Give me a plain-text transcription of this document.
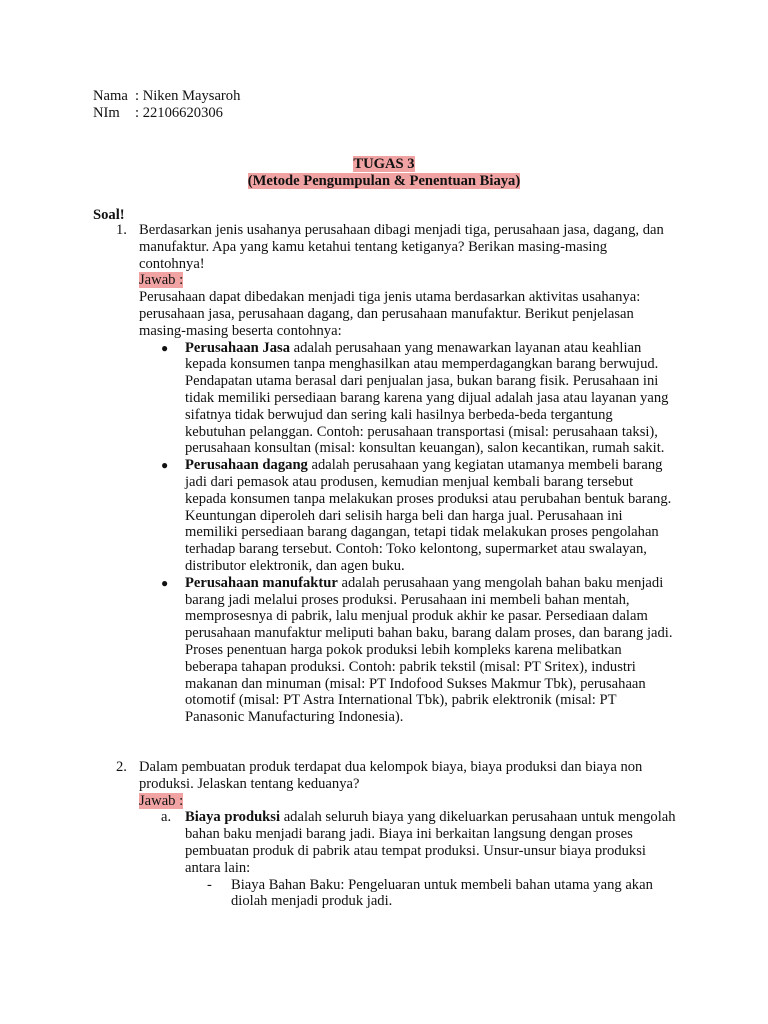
Nama : Niken Maysaroh
NIm	: 22106620306
TUGAS 3
(Metode Pengumpulan & Penentuan Biaya)
Soal!
1. Berdasarkan jenis usahanya perusahaan dibagi menjadi tiga, perusahaan jasa, dagang, dan manufaktur. Apa yang kamu ketahui tentang ketiganya? Berikan masing-masing contohnya!

Jawab :

Perusahaan dapat dibedakan menjadi tiga jenis utama berdasarkan aktivitas usahanya: perusahaan jasa, perusahaan dagang, dan perusahaan manufaktur. Berikut penjelasan masing-masing beserta contohnya:

● Perusahaan Jasa adalah perusahaan yang menawarkan layanan atau keahlian kepada konsumen tanpa menghasilkan atau memperdagangkan barang berwujud. Pendapatan utama berasal dari penjualan jasa, bukan barang fisik. Perusahaan ini tidak memiliki persediaan barang karena yang dijual adalah jasa atau layanan yang sifatnya tidak berwujud dan sering kali hasilnya berbeda-beda tergantung kebutuhan pelanggan. Contoh: perusahaan transportasi (misal: perusahaan taksi), perusahaan konsultan (misal: konsultan keuangan), salon kecantikan, rumah sakit.
● Perusahaan dagang adalah perusahaan yang kegiatan utamanya membeli barang jadi dari pemasok atau produsen, kemudian menjual kembali barang tersebut kepada konsumen tanpa melakukan proses produksi atau perubahan bentuk barang. Keuntungan diperoleh dari selisih harga beli dan harga jual. Perusahaan ini memiliki persediaan barang dagangan, tetapi tidak melakukan proses pengolahan terhadap barang tersebut. Contoh: Toko kelontong, supermarket atau swalayan, distributor elektronik, dan agen buku.
● Perusahaan manufaktur adalah perusahaan yang mengolah bahan baku menjadi barang jadi melalui proses produksi. Perusahaan ini membeli bahan mentah, memprosesnya di pabrik, lalu menjual produk akhir ke pasar. Persediaan dalam perusahaan manufaktur meliputi bahan baku, barang dalam proses, dan barang jadi. Proses penentuan harga pokok produksi lebih kompleks karena melibatkan beberapa tahapan produksi. Contoh: pabrik tekstil (misal: PT Sritex), industri makanan dan minuman (misal: PT Indofood Sukses Makmur Tbk), perusahaan otomotif (misal: PT Astra International Tbk), pabrik elektronik (misal: PT Panasonic Manufacturing Indonesia).
2. Dalam pembuatan produk terdapat dua kelompok biaya, biaya produksi dan biaya non produksi. Jelaskan tentang keduanya?

Jawab :

a. Biaya produksi adalah seluruh biaya yang dikeluarkan perusahaan untuk mengolah bahan baku menjadi barang jadi. Biaya ini berkaitan langsung dengan proses pembuatan produk di pabrik atau tempat produksi. Unsur-unsur biaya produksi antara lain:
- Biaya Bahan Baku: Pengeluaran untuk membeli bahan utama yang akan diolah menjadi produk jadi.
